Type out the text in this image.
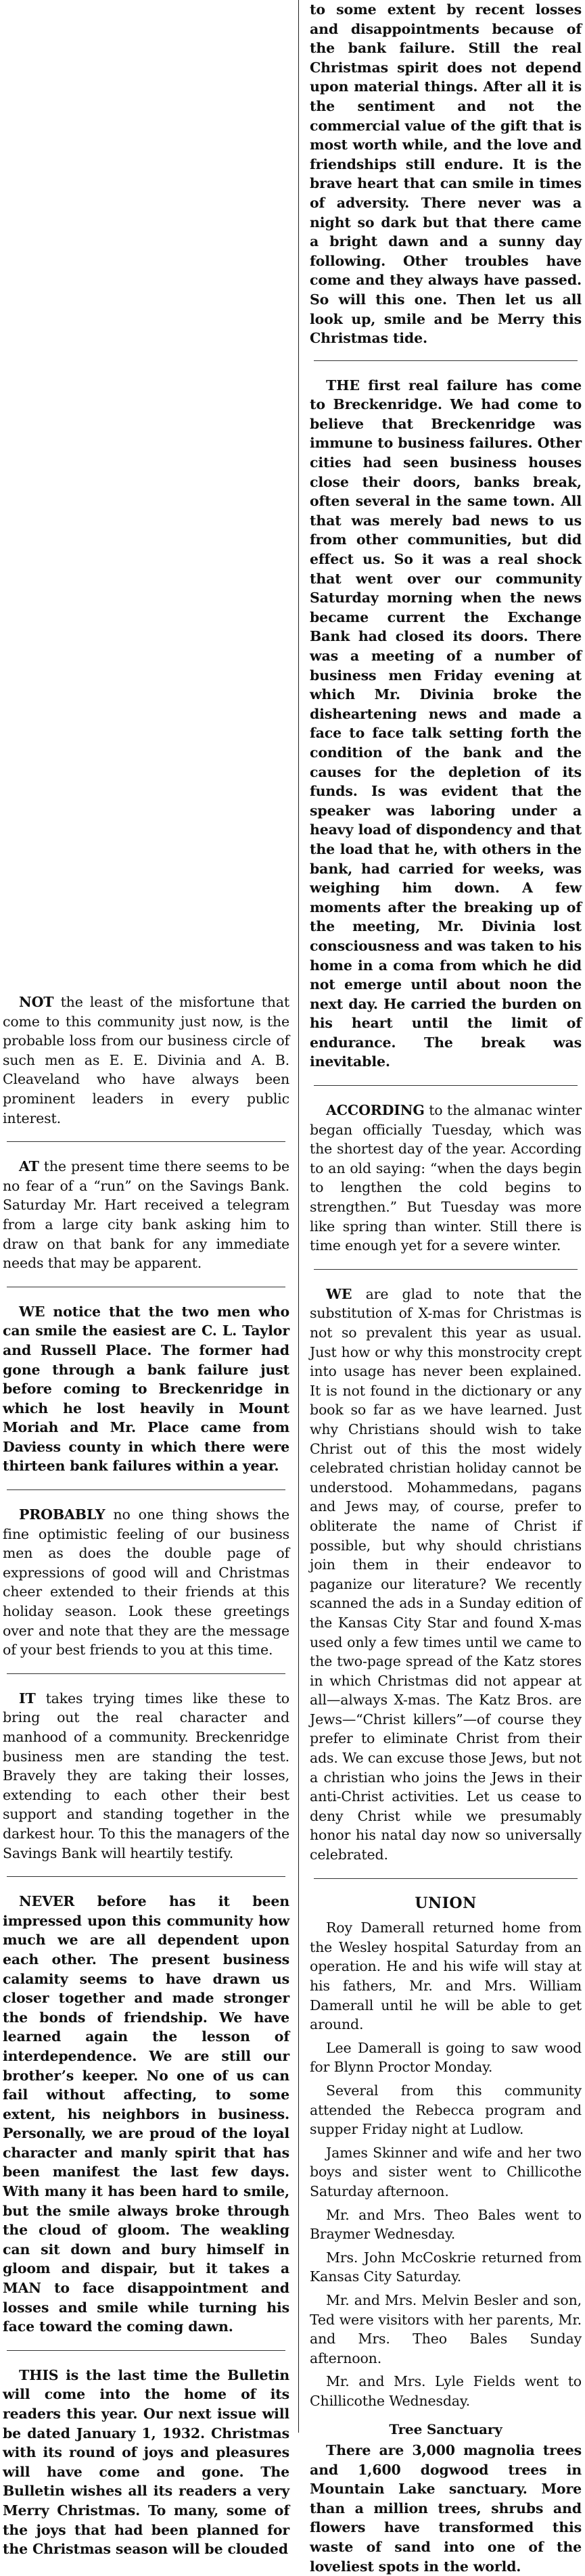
NOT the least of the misfortune that come to this community just now, is the probable loss from our business circle of such men as E. E. Divinia and A. B. Cleaveland who have always been prominent leaders in every public interest.

AT the present time there seems to be no fear of a “run” on the Savings Bank. Saturday Mr. Hart received a telegram from a large city bank asking him to draw on that bank for any immediate needs that may be apparent.

WE notice that the two men who can smile the easiest are C. L. Taylor and Russell Place. The former had gone through a bank failure just before coming to Breckenridge in which he lost heavily in Mount Moriah and Mr. Place came from Daviess county in which there were thirteen bank failures within a year.

PROBABLY no one thing shows the fine optimistic feeling of our business men as does the double page of expressions of good will and Christmas cheer extended to their friends at this holiday season. Look these greetings over and note that they are the message of your best friends to you at this time.

IT takes trying times like these to bring out the real character and manhood of a community. Breckenridge business men are standing the test. Bravely they are taking their losses, extending to each other their best support and standing together in the darkest hour. To this the managers of the Savings Bank will heartily testify.

NEVER before has it been impressed upon this community how much we are all dependent upon each other. The present business calamity seems to have drawn us closer together and made stronger the bonds of friendship. We have learned again the lesson of interdependence. We are still our brother’s keeper. No one of us can fail without affecting, to some extent, his neighbors in business. Personally, we are proud of the loyal character and manly spirit that has been manifest the last few days. With many it has been hard to smile, but the smile always broke through the cloud of gloom. The weakling can sit down and bury himself in gloom and dispair, but it takes a MAN to face disappointment and losses and smile while turning his face toward the coming dawn.

THIS is the last time the Bulletin will come into the home of its readers this year. Our next issue will be dated January 1, 1932. Christmas with its round of joys and pleasures will have come and gone. The Bulletin wishes all its readers a very Merry Christmas. To many, some of the joys that had been planned for the Christmas season will be clouded

to some extent by recent losses and disappointments because of the bank failure. Still the real Christmas spirit does not depend upon material things. After all it is the sentiment and not the commercial value of the gift that is most worth while, and the love and friendships still endure. It is the brave heart that can smile in times of adversity. There never was a night so dark but that there came a bright dawn and a sunny day following. Other troubles have come and they always have passed. So will this one. Then let us all look up, smile and be Merry this Christmas tide.

THE first real failure has come to Breckenridge. We had come to believe that Breckenridge was immune to business failures. Other cities had seen business houses close their doors, banks break, often several in the same town. All that was merely bad news to us from other communities, but did effect us. So it was a real shock that went over our community Saturday morning when the news became current the Exchange Bank had closed its doors. There was a meeting of a number of business men Friday evening at which Mr. Divinia broke the disheartening news and made a face to face talk setting forth the condition of the bank and the causes for the depletion of its funds. Is was evident that the speaker was laboring under a heavy load of dispondency and that the load that he, with others in the bank, had carried for weeks, was weighing him down. A few moments after the breaking up of the meeting, Mr. Divinia lost consciousness and was taken to his home in a coma from which he did not emerge until about noon the next day. He carried the burden on his heart until the limit of endurance. The break was inevitable.

ACCORDING to the almanac winter began officially Tuesday, which was the shortest day of the year. According to an old saying: “when the days begin to lengthen the cold begins to strengthen.” But Tuesday was more like spring than winter. Still there is time enough yet for a severe winter.

WE are glad to note that the substitution of X-mas for Christmas is not so prevalent this year as usual. Just how or why this monstrocity crept into usage has never been explained. It is not found in the dictionary or any book so far as we have learned. Just why Christians should wish to take Christ out of this the most widely celebrated christian holiday cannot be understood. Mohammedans, pagans and Jews may, of course, prefer to obliterate the name of Christ if possible, but why should christians join them in their endeavor to paganize our literature? We recently scanned the ads in a Sunday edition of the Kansas City Star and found X-mas used only a few times until we came to the two-page spread of the Katz stores in which Christmas did not appear at all—always X-mas. The Katz Bros. are Jews—“Christ killers”—of course they prefer to eliminate Christ from their ads. We can excuse those Jews, but not a christian who joins the Jews in their anti-Christ activities. Let us cease to deny Christ while we presumably honor his natal day now so universally celebrated.

UNION

Roy Damerall returned home from the Wesley hospital Saturday from an operation. He and his wife will stay at his fathers, Mr. and Mrs. William Damerall until he will be able to get around.

Lee Damerall is going to saw wood for Blynn Proctor Monday.

Several from this community attended the Rebecca program and supper Friday night at Ludlow.

James Skinner and wife and her two boys and sister went to Chillicothe Saturday afternoon.

Mr. and Mrs. Theo Bales went to Braymer Wednesday.

Mrs. John McCoskrie returned from Kansas City Saturday.

Mr. and Mrs. Melvin Besler and son, Ted were visitors with her parents, Mr. and Mrs. Theo Bales Sunday afternoon.

Mr. and Mrs. Lyle Fields went to Chillicothe Wednesday.

Tree Sanctuary

There are 3,000 magnolia trees and 1,600 dogwood trees in Mountain Lake sanctuary. More than a million trees, shrubs and flowers have transformed this waste of sand into one of the loveliest spots in the world.
